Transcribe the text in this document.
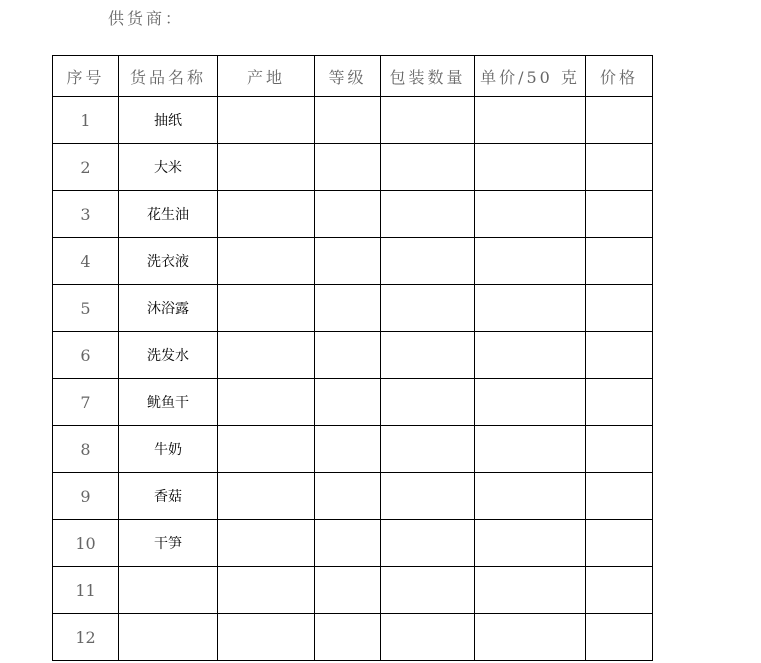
供货商：
序号	货品名称	产地	等级	包装数量	单价/50 克	价格
1	抽纸					
2	大米					
3	花生油					
4	洗衣液					
5	沐浴露					
6	洗发水					
7	鱿鱼干					
8	牛奶					
9	香菇					
10	干笋					
11						
12						
